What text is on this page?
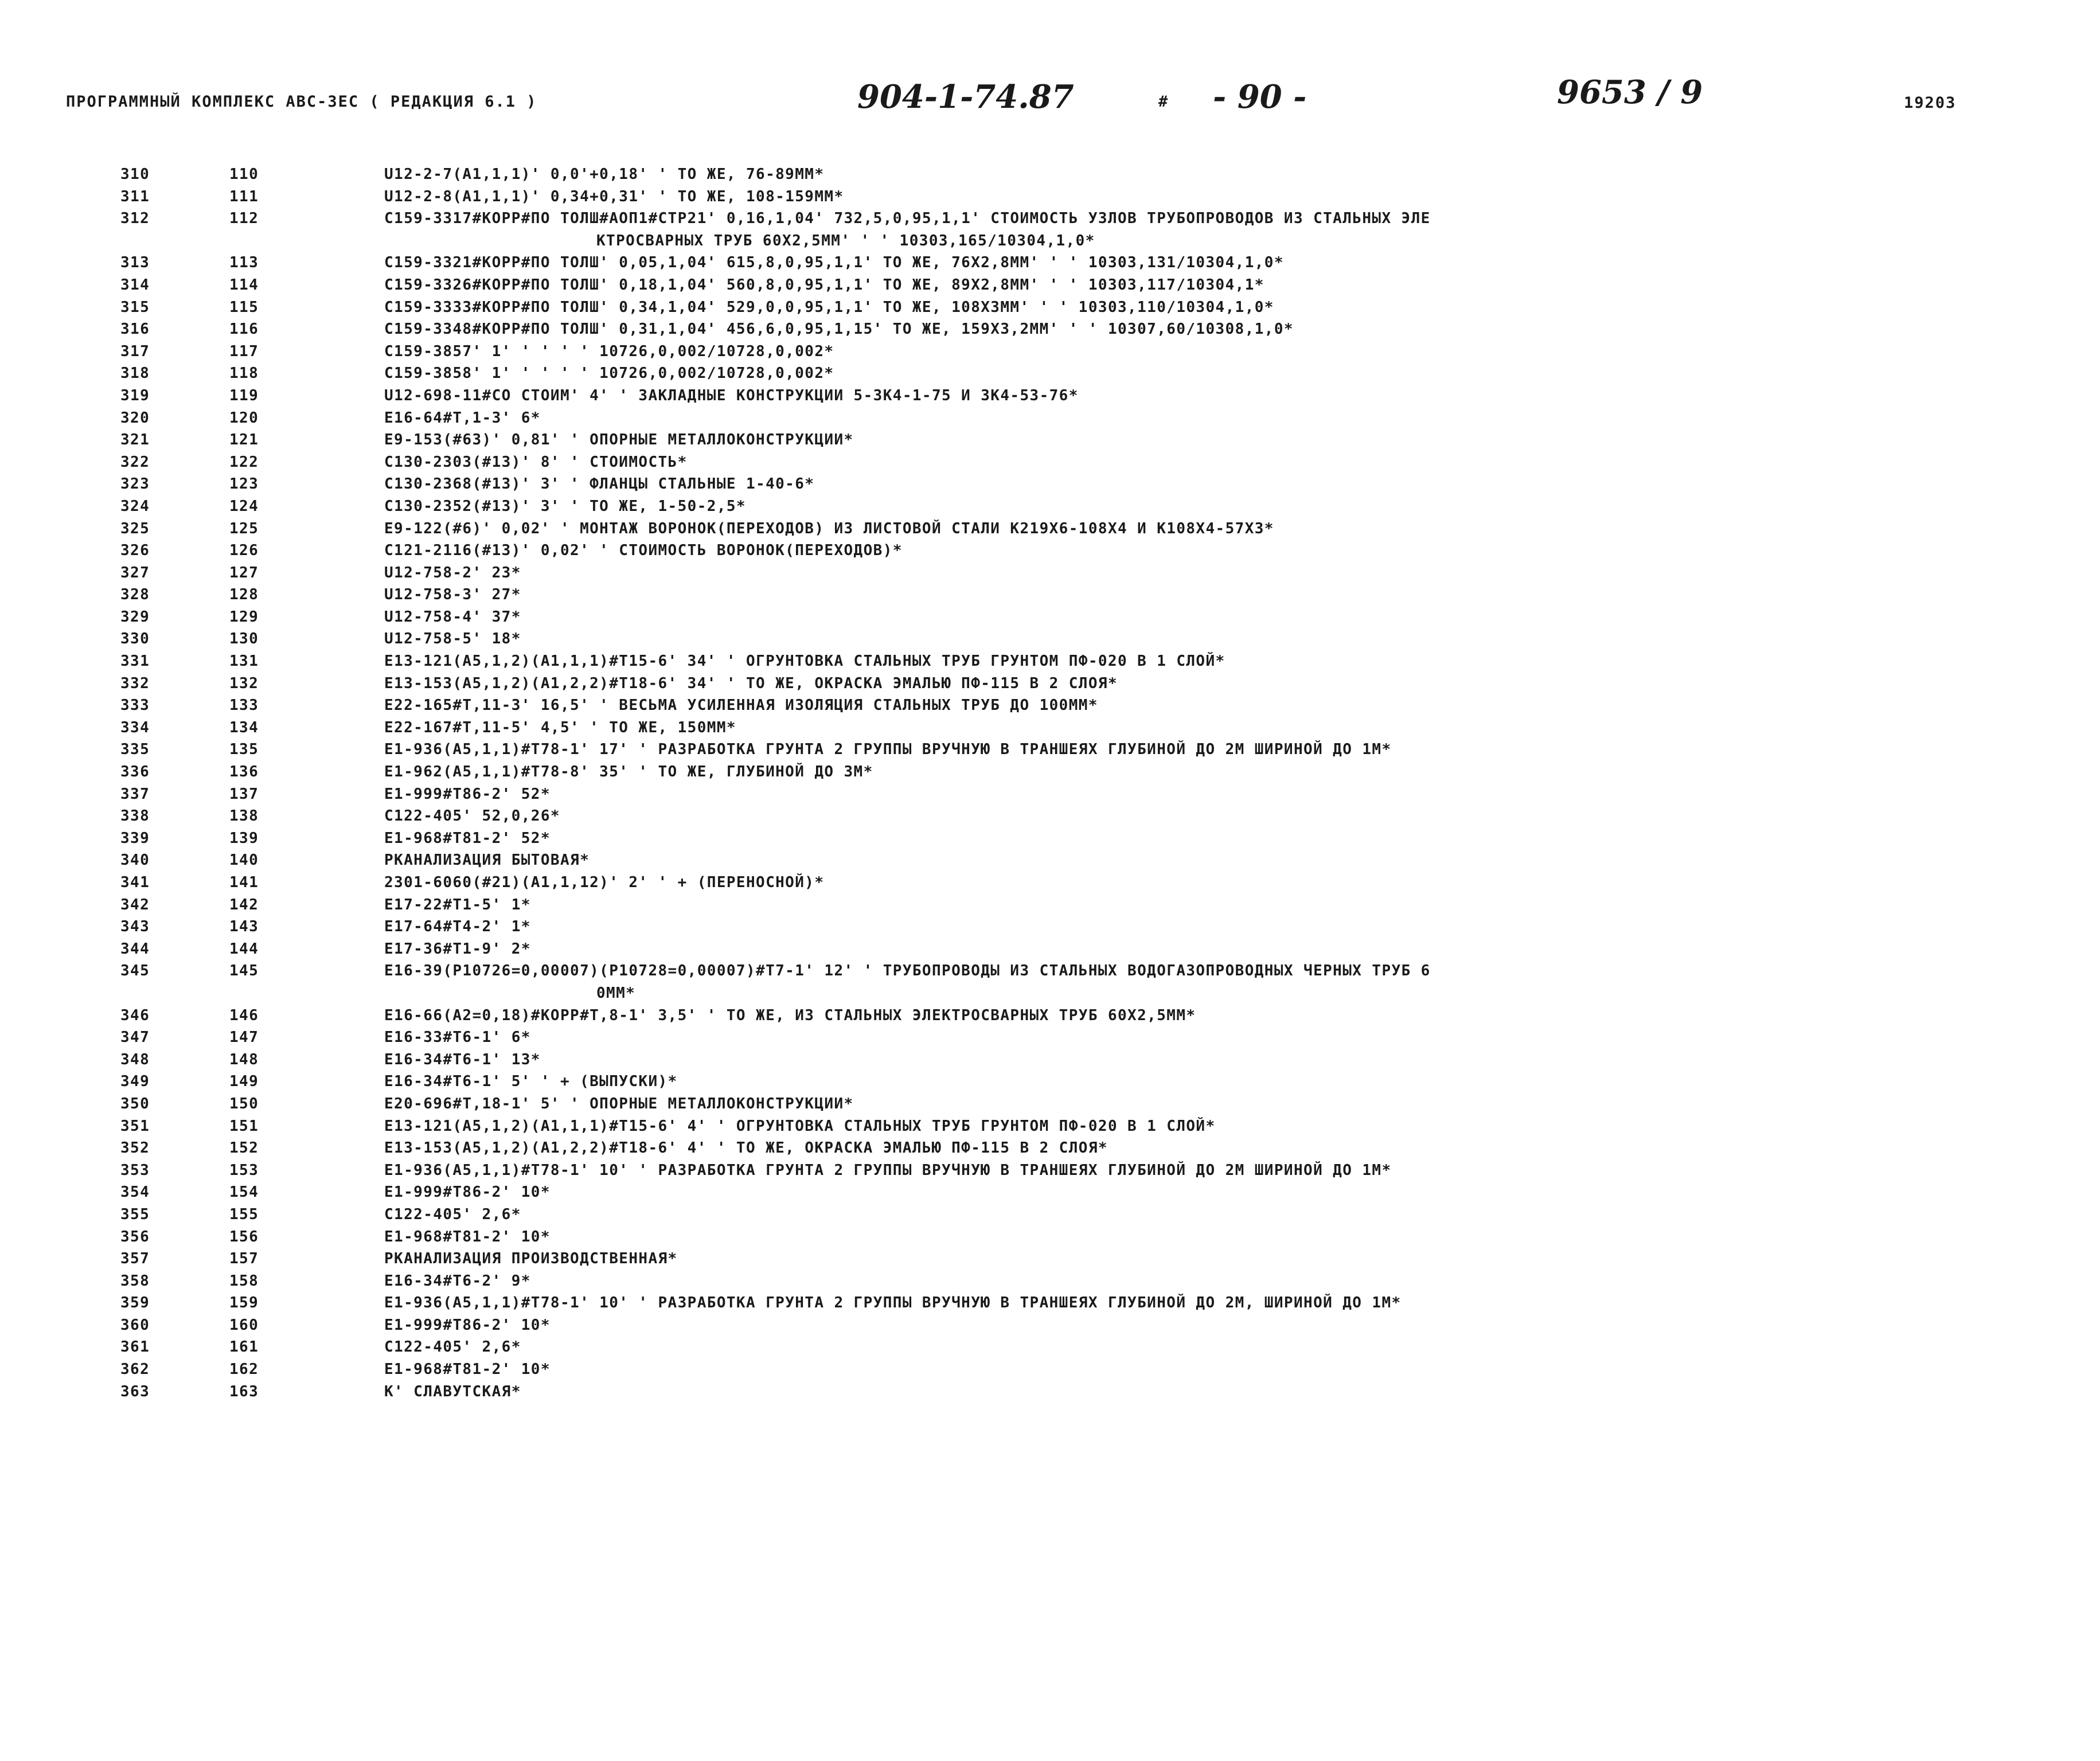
ПРОГРАММНЫЙ КОМПЛЕКС АВС-ЗЕС ( РЕДАКЦИЯ 6.1 )	904-1-74.87	# - 90 -	9653 / 9	19203
310	110	U12-2-7(A1,1,1)' 0,0'+0,18' ' ТО ЖЕ, 76-89ММ*
311	111	U12-2-8(A1,1,1)' 0,34+0,31' ' ТО ЖЕ, 108-159ММ*
312	112	C159-3317#КОРР#ПО ТОЛШ#АОП1#СТР21' 0,16,1,04' 732,5,0,95,1,1' СТОИМОСТЬ УЗЛОВ ТРУБОПРОВОДОВ ИЗ СТАЛЬНЫХ ЭЛЕ
КТРОСВАРНЫХ ТРУБ 60Х2,5ММ' ' ' 10303,165/10304,1,0*
313	113	C159-3321#КОРР#ПО ТОЛШ' 0,05,1,04' 615,8,0,95,1,1' ТО ЖЕ, 76Х2,8ММ' ' ' 10303,131/10304,1,0*
314	114	C159-3326#КОРР#ПО ТОЛШ' 0,18,1,04' 560,8,0,95,1,1' ТО ЖЕ, 89Х2,8ММ' ' ' 10303,117/10304,1*
315	115	C159-3333#КОРР#ПО ТОЛШ' 0,34,1,04' 529,0,0,95,1,1' ТО ЖЕ, 108Х3ММ' ' ' 10303,110/10304,1,0*
316	116	C159-3348#КОРР#ПО ТОЛШ' 0,31,1,04' 456,6,0,95,1,15' ТО ЖЕ, 159Х3,2ММ' ' ' 10307,60/10308,1,0*
317	117	C159-3857' 1' ' ' ' ' 10726,0,002/10728,0,002*
318	118	C159-3858' 1' ' ' ' ' 10726,0,002/10728,0,002*
319	119	U12-698-11#СО СТОИМ' 4' ' ЗАКЛАДНЫЕ КОНСТРУКЦИИ 5-3К4-1-75 И 3К4-53-76*
320	120	E16-64#Т,1-3' 6*
321	121	E9-153(#63)' 0,81' ' ОПОРНЫЕ МЕТАЛЛОКОНСТРУКЦИИ*
322	122	C130-2303(#13)' 8' ' СТОИМОСТЬ*
323	123	C130-2368(#13)' 3' ' ФЛАНЦЫ СТАЛЬНЫЕ 1-40-6*
324	124	C130-2352(#13)' 3' ' ТО ЖЕ, 1-50-2,5*
325	125	E9-122(#6)' 0,02' ' МОНТАЖ ВОРОНОК(ПЕРЕХОДОВ) ИЗ ЛИСТОВОЙ СТАЛИ К219Х6-108Х4 И К108Х4-57Х3*
326	126	C121-2116(#13)' 0,02' ' СТОИМОСТЬ ВОРОНОК(ПЕРЕХОДОВ)*
327	127	U12-758-2' 23*
328	128	U12-758-3' 27*
329	129	U12-758-4' 37*
330	130	U12-758-5' 18*
331	131	E13-121(A5,1,2)(A1,1,1)#Т15-6' 34' ' ОГРУНТОВКА СТАЛЬНЫХ ТРУБ ГРУНТОМ ПФ-020 В 1 СЛОЙ*
332	132	E13-153(A5,1,2)(A1,2,2)#Т18-6' 34' ' ТО ЖЕ, ОКРАСКА ЭМАЛЬЮ ПФ-115 В 2 СЛОЯ*
333	133	E22-165#Т,11-3' 16,5' ' ВЕСЬМА УСИЛЕННАЯ ИЗОЛЯЦИЯ СТАЛЬНЫХ ТРУБ ДО 100ММ*
334	134	E22-167#Т,11-5' 4,5' ' ТО ЖЕ, 150ММ*
335	135	E1-936(A5,1,1)#Т78-1' 17' ' РАЗРАБОТКА ГРУНТА 2 ГРУППЫ ВРУЧНУЮ В ТРАНШЕЯХ ГЛУБИНОЙ ДО 2М ШИРИНОЙ ДО 1М*
336	136	E1-962(A5,1,1)#Т78-8' 35' ' ТО ЖЕ, ГЛУБИНОЙ ДО 3М*
337	137	E1-999#Т86-2' 52*
338	138	C122-405' 52,0,26*
339	139	E1-968#Т81-2' 52*
340	140	РКАНАЛИЗАЦИЯ БЫТОВАЯ*
341	141	2301-6060(#21)(A1,1,12)' 2' ' + (ПЕРЕНОСНОЙ)*
342	142	E17-22#Т1-5' 1*
343	143	E17-64#Т4-2' 1*
344	144	E17-36#Т1-9' 2*
345	145	E16-39(P10726=0,00007)(P10728=0,00007)#Т7-1' 12' ' ТРУБОПРОВОДЫ ИЗ СТАЛЬНЫХ ВОДОГАЗОПРОВОДНЫХ ЧЕРНЫХ ТРУБ 6
0ММ*
346	146	E16-66(A2=0,18)#КОРР#Т,8-1' 3,5' ' ТО ЖЕ, ИЗ СТАЛЬНЫХ ЭЛЕКТРОСВАРНЫХ ТРУБ 60Х2,5ММ*
347	147	E16-33#Т6-1' 6*
348	148	E16-34#Т6-1' 13*
349	149	E16-34#Т6-1' 5' ' + (ВЫПУСКИ)*
350	150	E20-696#Т,18-1' 5' ' ОПОРНЫЕ МЕТАЛЛОКОНСТРУКЦИИ*
351	151	E13-121(A5,1,2)(A1,1,1)#Т15-6' 4' ' ОГРУНТОВКА СТАЛЬНЫХ ТРУБ ГРУНТОМ ПФ-020 В 1 СЛОЙ*
352	152	E13-153(A5,1,2)(A1,2,2)#Т18-6' 4' ' ТО ЖЕ, ОКРАСКА ЭМАЛЬЮ ПФ-115 В 2 СЛОЯ*
353	153	E1-936(A5,1,1)#Т78-1' 10' ' РАЗРАБОТКА ГРУНТА 2 ГРУППЫ ВРУЧНУЮ В ТРАНШЕЯХ ГЛУБИНОЙ ДО 2М ШИРИНОЙ ДО 1М*
354	154	E1-999#Т86-2' 10*
355	155	C122-405' 2,6*
356	156	E1-968#Т81-2' 10*
357	157	РКАНАЛИЗАЦИЯ ПРОИЗВОДСТВЕННАЯ*
358	158	E16-34#Т6-2' 9*
359	159	E1-936(A5,1,1)#Т78-1' 10' ' РАЗРАБОТКА ГРУНТА 2 ГРУППЫ ВРУЧНУЮ В ТРАНШЕЯХ ГЛУБИНОЙ ДО 2М, ШИРИНОЙ ДО 1М*
360	160	E1-999#Т86-2' 10*
361	161	C122-405' 2,6*
362	162	E1-968#Т81-2' 10*
363	163	К' СЛАВУТСКАЯ*
